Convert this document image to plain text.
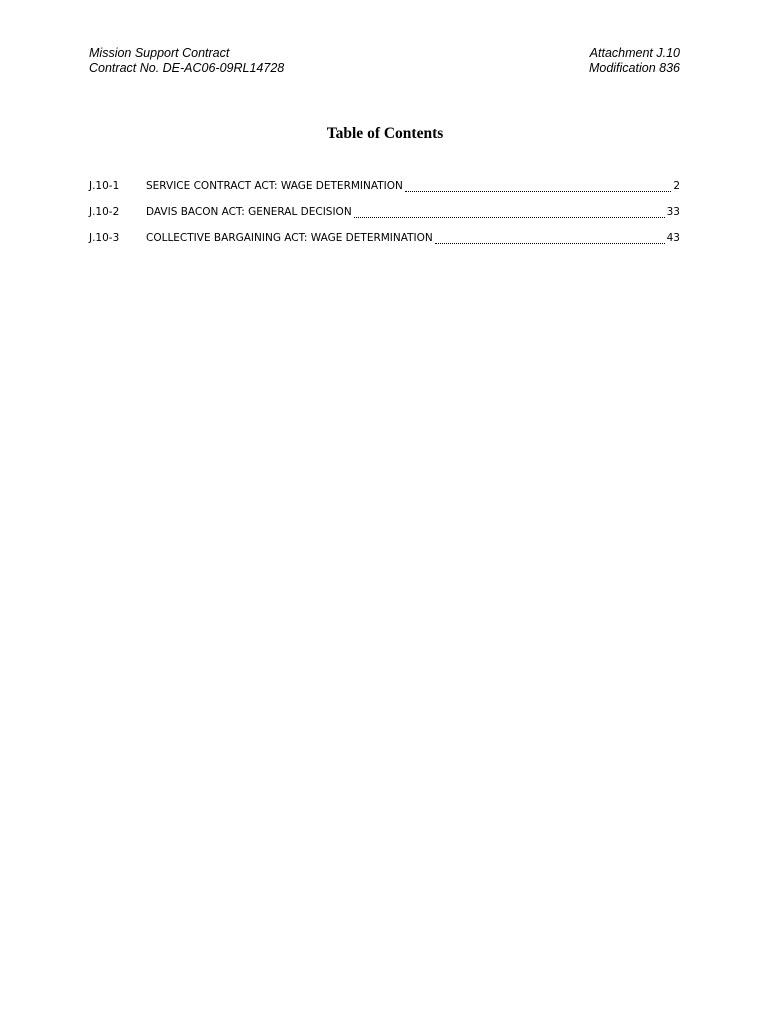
Mission Support Contract
Contract No. DE-AC06-09RL14728
Attachment J.10
Modification 836
Table of Contents
J.10-1	SERVICE CONTRACT ACT: WAGE DETERMINATION	2
J.10-2	DAVIS BACON ACT: GENERAL DECISION	33
J.10-3	COLLECTIVE BARGAINING ACT: WAGE DETERMINATION	43
